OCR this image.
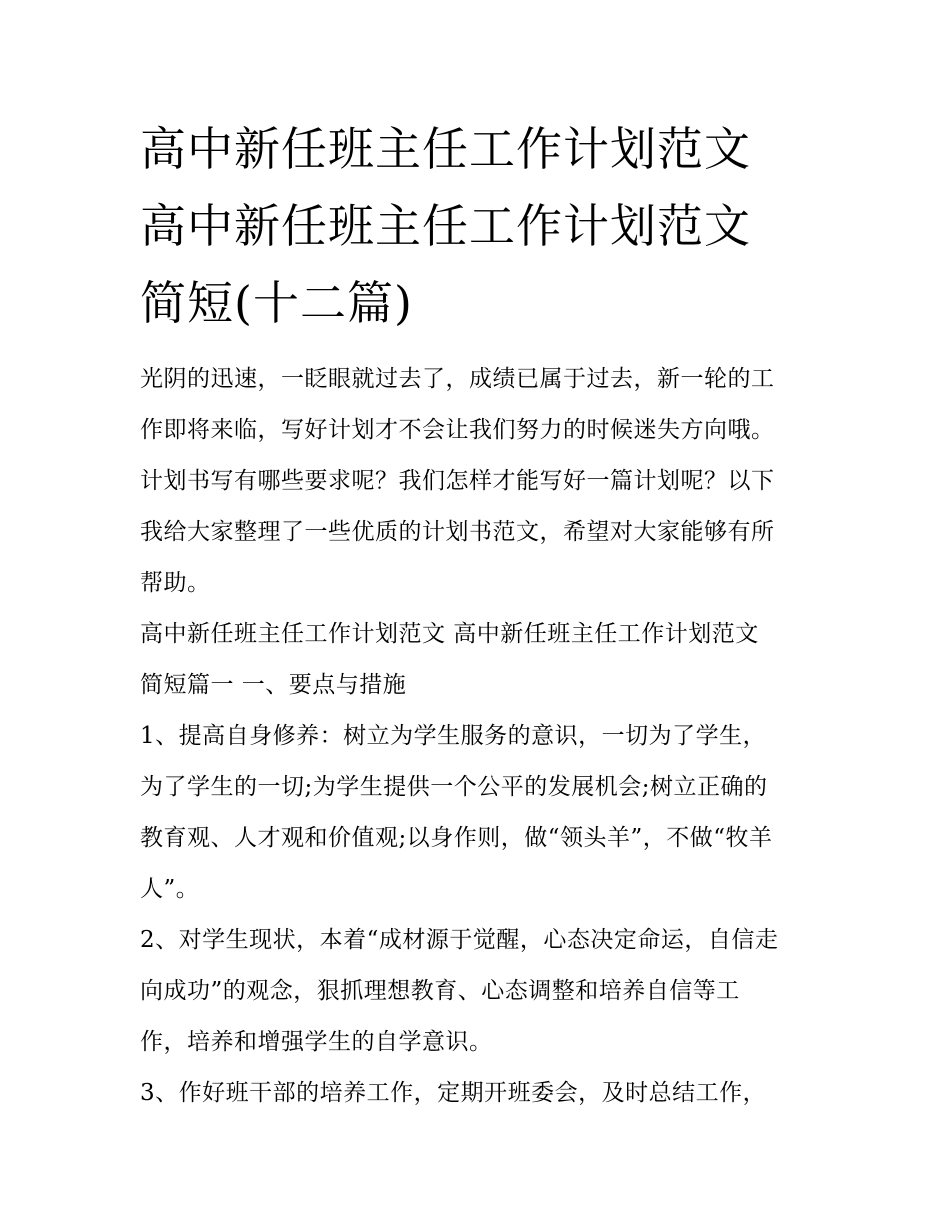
高中新任班主任工作计划范文
高中新任班主任工作计划范文
简短(十二篇)
光阴的迅速，一眨眼就过去了，成绩已属于过去，新一轮的工
作即将来临，写好计划才不会让我们努力的时候迷失方向哦。
计划书写有哪些要求呢？我们怎样才能写好一篇计划呢？以下
我给大家整理了一些优质的计划书范文，希望对大家能够有所
帮助。
高中新任班主任工作计划范文 高中新任班主任工作计划范文
简短篇一 一、要点与措施
1、提高自身修养：树立为学生服务的意识，一切为了学生，
为了学生的一切;为学生提供一个公平的发展机会;树立正确的
教育观、人才观和价值观;以身作则，做“领头羊”，不做“牧羊
人”。
2、对学生现状，本着“成材源于觉醒，心态决定命运，自信走
向成功”的观念，狠抓理想教育、心态调整和培养自信等工
作，培养和增强学生的自学意识。
3、作好班干部的培养工作，定期开班委会，及时总结工作，
